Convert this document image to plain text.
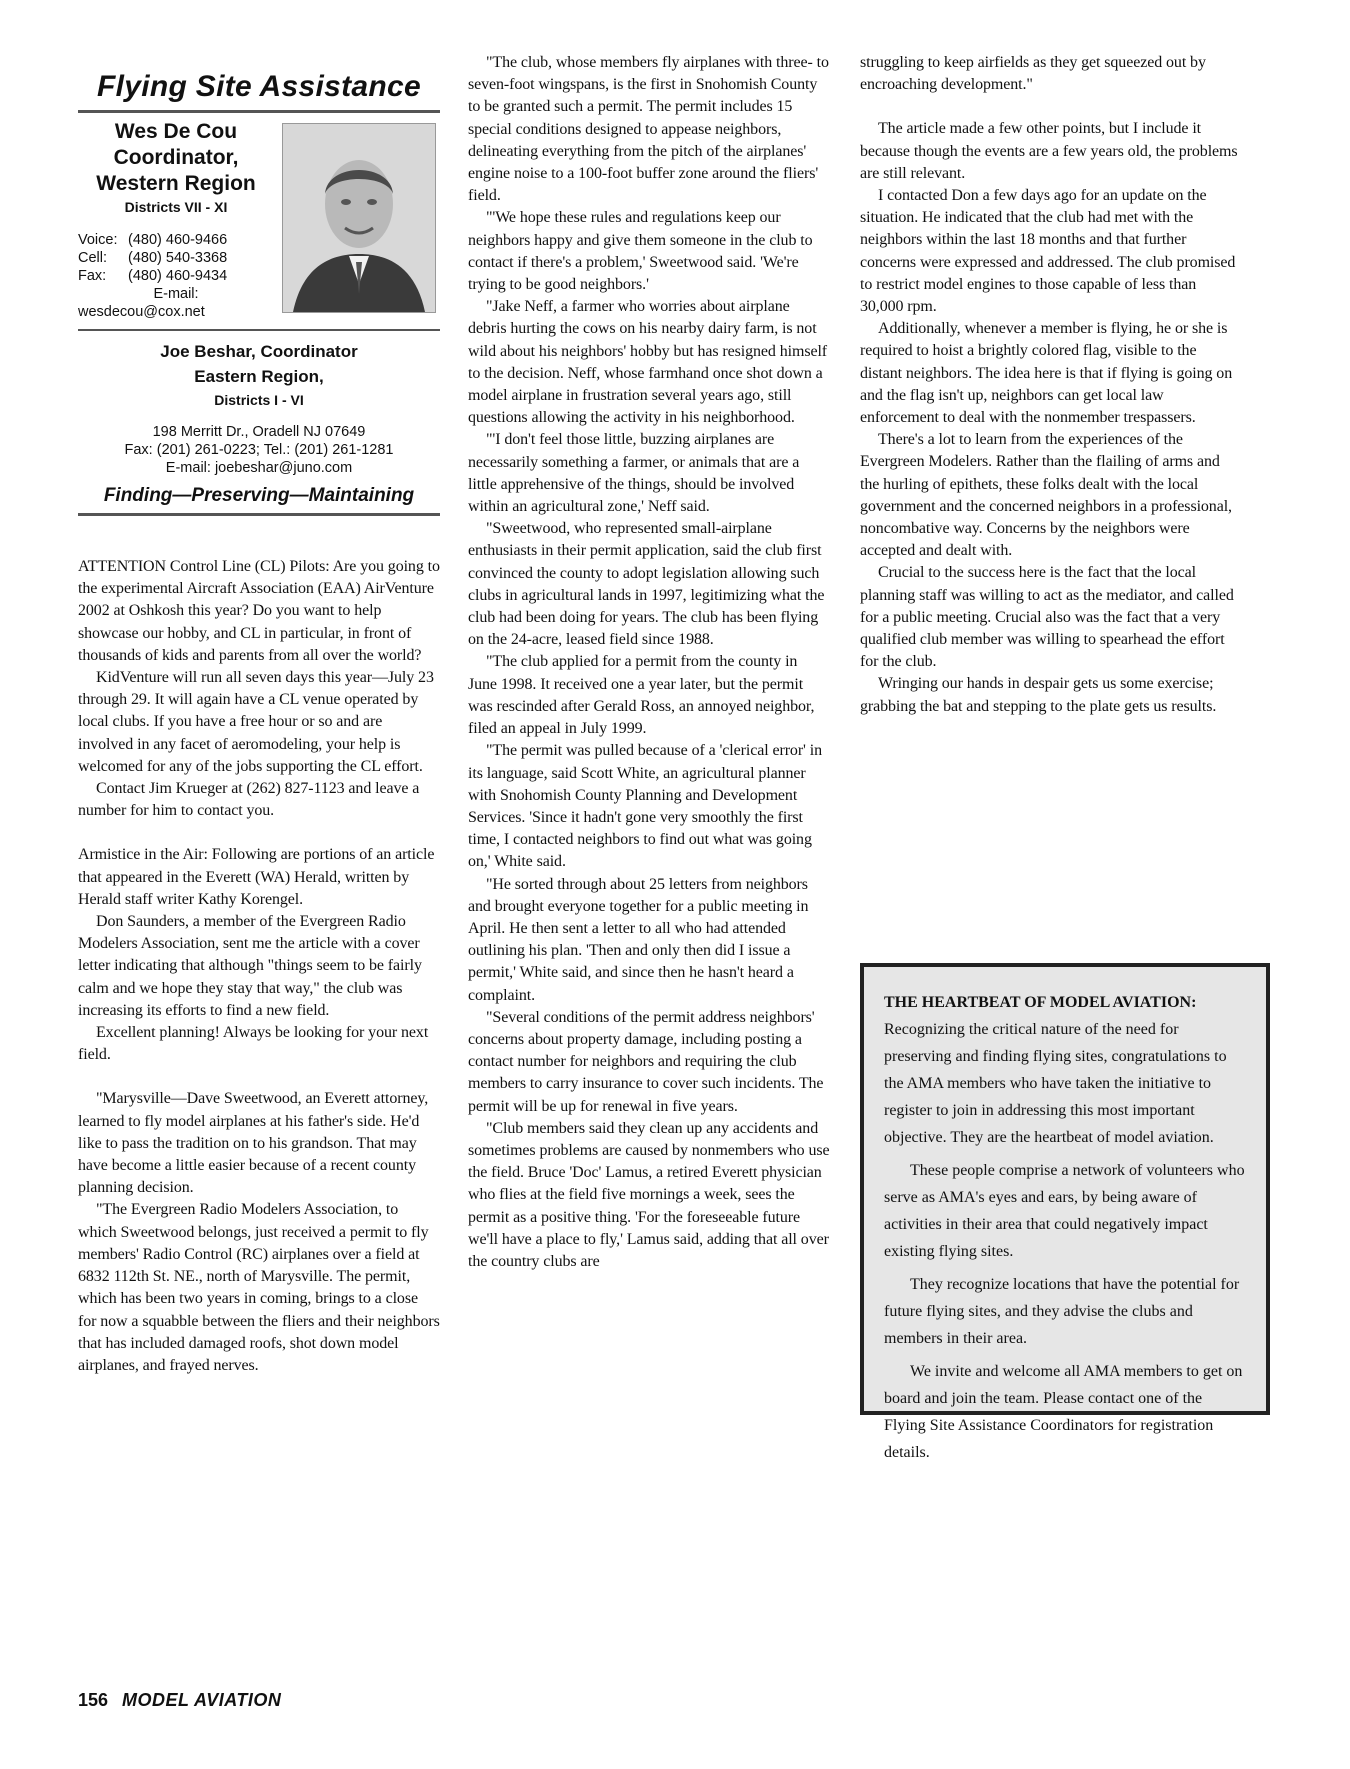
Flying Site Assistance
Wes De Cou
Coordinator,
Western Region
Districts VII - XI
Voice: (480) 460-9466
Cell:	(480) 540-3368
Fax:	(480) 460-9434
E-mail:
wesdecou@cox.net
Joe Beshar, Coordinator
Eastern Region,
Districts I - VI
198 Merritt Dr., Oradell NJ 07649
Fax: (201) 261-0223; Tel.: (201) 261-1281
E-mail: joebeshar@juno.com
Finding—Preserving—Maintaining

ATTENTION Control Line (CL) Pilots: Are you going to the experimental Aircraft Association (EAA) AirVenture 2002 at Oshkosh this year? Do you want to help showcase our hobby, and CL in particular, in front of thousands of kids and parents from all over the world?

KidVenture will run all seven days this year—July 23 through 29. It will again have a CL venue operated by local clubs. If you have a free hour or so and are involved in any facet of aeromodeling, your help is welcomed for any of the jobs supporting the CL effort.

Contact Jim Krueger at (262) 827-1123 and leave a number for him to contact you.

Armistice in the Air: Following are portions of an article that appeared in the Everett (WA) Herald, written by Herald staff writer Kathy Korengel.

Don Saunders, a member of the Evergreen Radio Modelers Association, sent me the article with a cover letter indicating that although "things seem to be fairly calm and we hope they stay that way," the club was increasing its efforts to find a new field.

Excellent planning! Always be looking for your next field.

"Marysville—Dave Sweetwood, an Everett attorney, learned to fly model airplanes at his father's side. He'd like to pass the tradition on to his grandson. That may have become a little easier because of a recent county planning decision.

"The Evergreen Radio Modelers Association, to which Sweetwood belongs, just received a permit to fly members' Radio Control (RC) airplanes over a field at 6832 112th St. NE., north of Marysville. The permit, which has been two years in coming, brings to a close for now a squabble between the fliers and their neighbors that has included damaged roofs, shot down model airplanes, and frayed nerves.

"The club, whose members fly airplanes with three- to seven-foot wingspans, is the first in Snohomish County to be granted such a permit. The permit includes 15 special conditions designed to appease neighbors, delineating everything from the pitch of the airplanes' engine noise to a 100-foot buffer zone around the fliers' field.

"'We hope these rules and regulations keep our neighbors happy and give them someone in the club to contact if there's a problem,' Sweetwood said. 'We're trying to be good neighbors.'

"Jake Neff, a farmer who worries about airplane debris hurting the cows on his nearby dairy farm, is not wild about his neighbors' hobby but has resigned himself to the decision. Neff, whose farmhand once shot down a model airplane in frustration several years ago, still questions allowing the activity in his neighborhood.

"'I don't feel those little, buzzing airplanes are necessarily something a farmer, or animals that are a little apprehensive of the things, should be involved within an agricultural zone,' Neff said.

"Sweetwood, who represented small-airplane enthusiasts in their permit application, said the club first convinced the county to adopt legislation allowing such clubs in agricultural lands in 1997, legitimizing what the club had been doing for years. The club has been flying on the 24-acre, leased field since 1988.

"The club applied for a permit from the county in June 1998. It received one a year later, but the permit was rescinded after Gerald Ross, an annoyed neighbor, filed an appeal in July 1999.

"The permit was pulled because of a 'clerical error' in its language, said Scott White, an agricultural planner with Snohomish County Planning and Development Services. 'Since it hadn't gone very smoothly the first time, I contacted neighbors to find out what was going on,' White said.

"He sorted through about 25 letters from neighbors and brought everyone together for a public meeting in April. He then sent a letter to all who had attended outlining his plan. 'Then and only then did I issue a permit,' White said, and since then he hasn't heard a complaint.

"Several conditions of the permit address neighbors' concerns about property damage, including posting a contact number for neighbors and requiring the club members to carry insurance to cover such incidents. The permit will be up for renewal in five years.

"Club members said they clean up any accidents and sometimes problems are caused by nonmembers who use the field. Bruce 'Doc' Lamus, a retired Everett physician who flies at the field five mornings a week, sees the permit as a positive thing. 'For the foreseeable future we'll have a place to fly,' Lamus said, adding that all over the country clubs are

struggling to keep airfields as they get squeezed out by encroaching development."

The article made a few other points, but I include it because though the events are a few years old, the problems are still relevant.

I contacted Don a few days ago for an update on the situation. He indicated that the club had met with the neighbors within the last 18 months and that further concerns were expressed and addressed. The club promised to restrict model engines to those capable of less than 30,000 rpm.

Additionally, whenever a member is flying, he or she is required to hoist a brightly colored flag, visible to the distant neighbors. The idea here is that if flying is going on and the flag isn't up, neighbors can get local law enforcement to deal with the nonmember trespassers.

There's a lot to learn from the experiences of the Evergreen Modelers. Rather than the flailing of arms and the hurling of epithets, these folks dealt with the local government and the concerned neighbors in a professional, noncombative way. Concerns by the neighbors were accepted and dealt with.

Crucial to the success here is the fact that the local planning staff was willing to act as the mediator, and called for a public meeting. Crucial also was the fact that a very qualified club member was willing to spearhead the effort for the club.

Wringing our hands in despair gets us some exercise; grabbing the bat and stepping to the plate gets us results.

THE HEARTBEAT OF MODEL AVIATION: Recognizing the critical nature of the need for preserving and finding flying sites, congratulations to the AMA members who have taken the initiative to register to join in addressing this most important objective. They are the heartbeat of model aviation.

These people comprise a network of volunteers who serve as AMA's eyes and ears, by being aware of activities in their area that could negatively impact existing flying sites.

They recognize locations that have the potential for future flying sites, and they advise the clubs and members in their area.

We invite and welcome all AMA members to get on board and join the team. Please contact one of the Flying Site Assistance Coordinators for registration details.

156 MODEL AVIATION
